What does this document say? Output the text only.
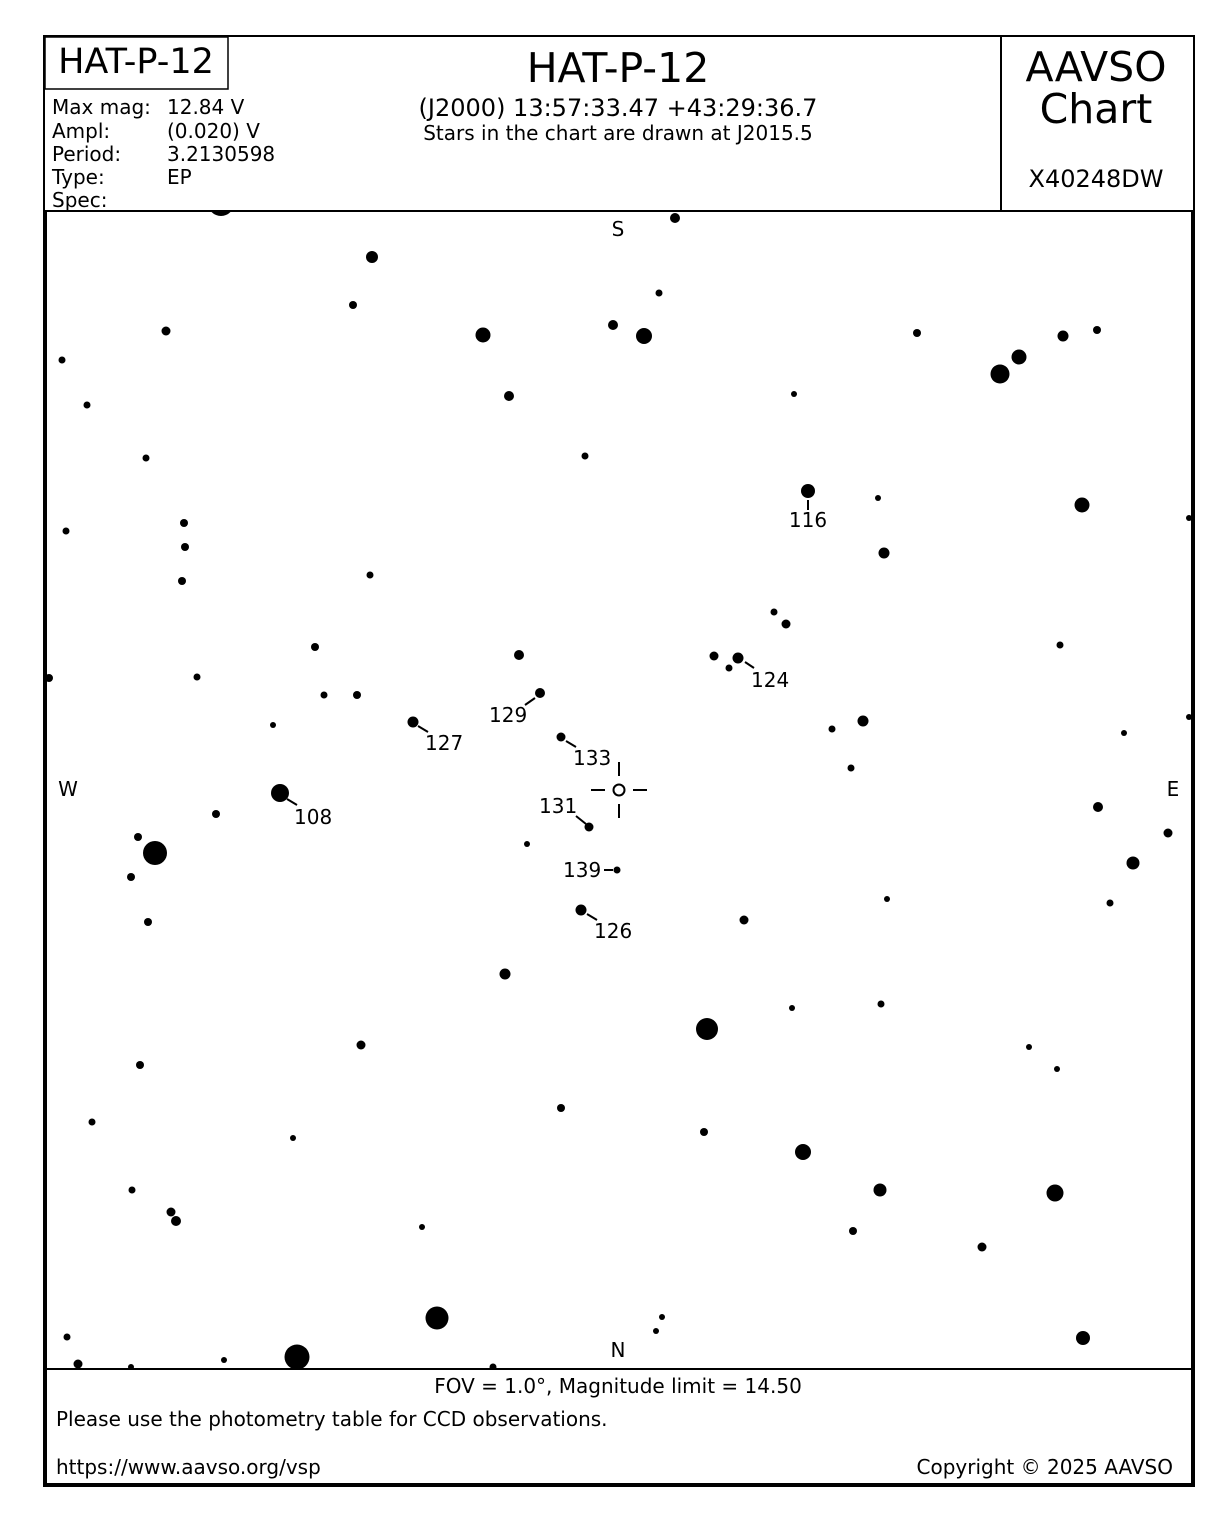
116
124
129
127
133
131
108
139
126
S
N
W	E
HAT-P-12
Max mag: 12.84 V
Ampl:	(0.020) V
Period: 3.2130598
Type:	EP
Spec:
HAT-P-12
(J2000) 13:57:33.47 +43:29:36.7
Stars in the chart are drawn at J2015.5
AAVSO
Chart
X40248DW
FOV = 1.0°, Magnitude limit = 14.50
Please use the photometry table for CCD observations.
https://www.aavso.org/vsp	Copyright © 2025 AAVSO
